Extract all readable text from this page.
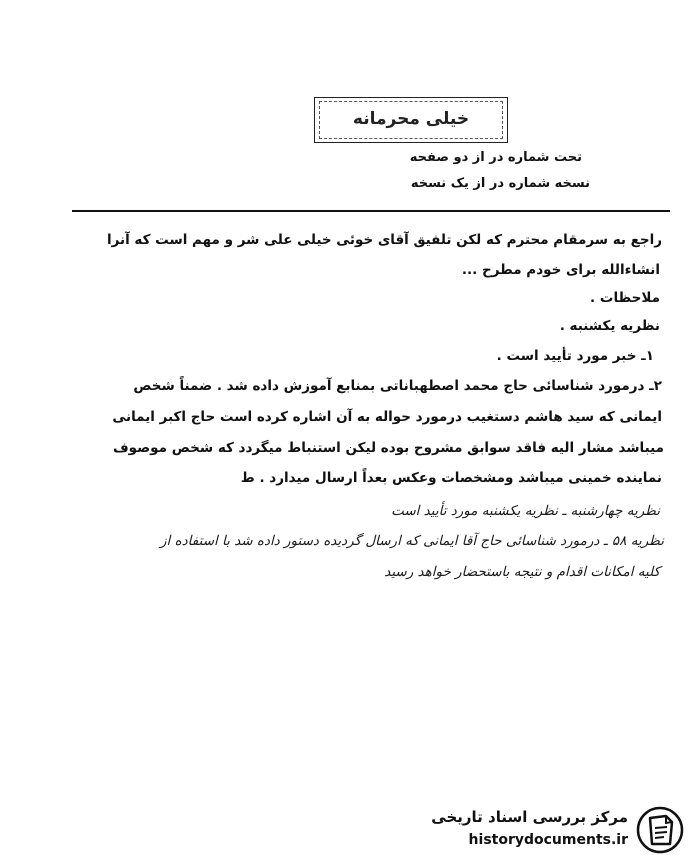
خیلی ‌محرمانه
تحت شماره در از دو صفحه
نسخه شماره در از یک نسخه
راجع به سرمقام محترم که لکن تلفیق آقای خوئی خیلی علی‌ شر و مهم است که آنرا
انشاءالله برای خودم مطرح ...
ملاحظات .
نظریه یکشنبه .
۱ـ خبر مورد تأیید است .
۲ـ درمورد شناسائی حاج محمد اصطهباناتی بمنابع آموزش داده شد . ضمناً شخص
ایمانی که سید هاشم دستغیب درمورد حواله به آن اشاره کرده است حاج اکبر ایمانی
میباشد مشار الیه فاقد سوابق مشروح بوده لیکن استنباط میگردد که شخص موصوف
نماینده خمینی میباشد ومشخصات وعکس بعداً ارسال میدارد . ط
نظریه چهارشنبه ـ نظریه یکشنبه مورد تأیید است
نظریه ۵۸ ـ درمورد شناسائی حاج آقا ایمانی که ارسال گردیده دستور داده شد با استفاده از
کلیه امکانات اقدام و نتیجه باستحضار خواهد رسید
مرکز بررسی اسناد تاریخی
historydocuments.ir
